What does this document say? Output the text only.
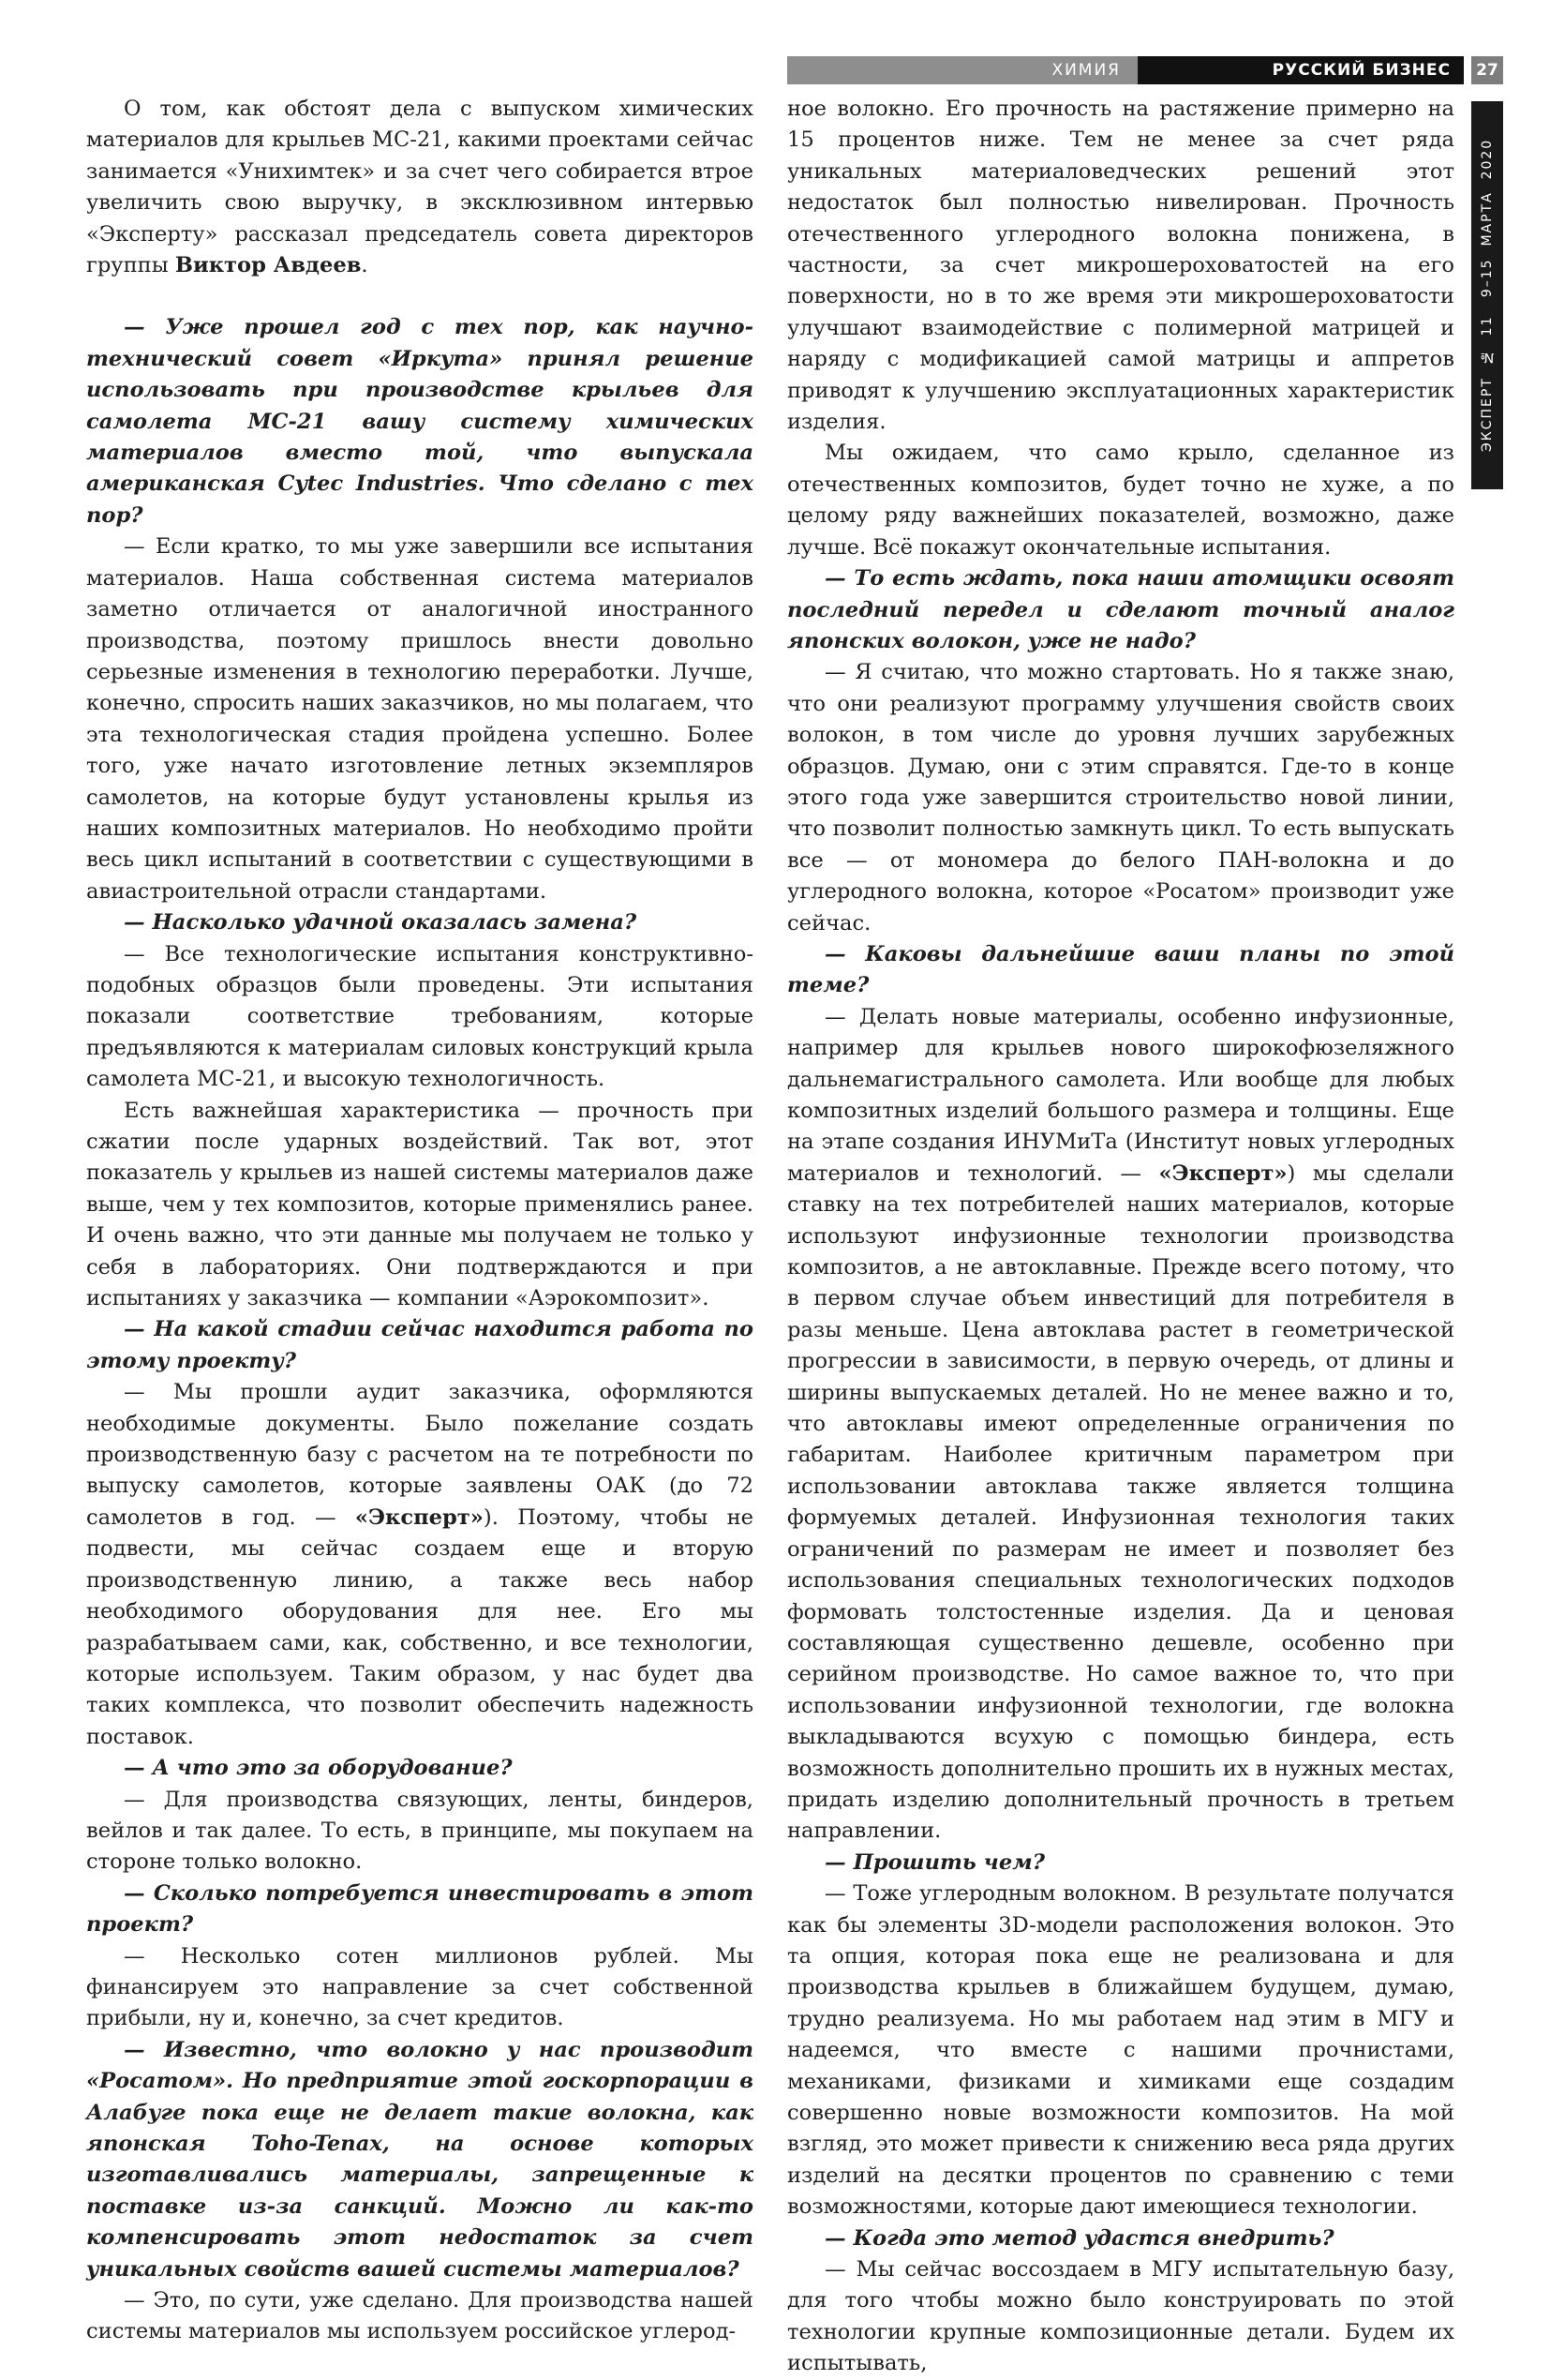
ХИМИЯ	РУССКИЙ БИЗНЕС 27
ЭКСПЕРТ  №  11   9–15  МАРТА  2020

О том, как обстоят дела с выпуском химических материалов для крыльев МС-21, какими проектами сейчас занимается «Унихимтек» и за счет чего собирается втрое увеличить свою выручку, в эксклюзивном интервью «Эксперту» рассказал председатель совета директоров группы Виктор Авдеев.

— Уже прошел год с тех пор, как научно-технический совет «Иркута» принял решение использовать при производстве крыльев для самолета МС-21 вашу систему химических материалов вместо той, что выпускала американская Cytec Industries. Что сделано с тех пор?

— Если кратко, то мы уже завершили все испытания материалов. Наша собственная система материалов заметно отличается от аналогичной иностранного производства, поэтому пришлось внести довольно серьезные изменения в технологию переработки. Лучше, конечно, спросить наших заказчиков, но мы полагаем, что эта технологическая стадия пройдена успешно. Более того, уже начато изготовление летных экземпляров самолетов, на которые будут установлены крылья из наших композитных материалов. Но необходимо пройти весь цикл испытаний в соответствии с существующими в авиастроительной отрасли стандартами.

— Насколько удачной оказалась замена?

— Все технологические испытания конструктивно-подобных образцов были проведены. Эти испытания показали соответствие требованиям, которые предъявляются к материалам силовых конструкций крыла самолета МС-21, и высокую технологичность.

Есть важнейшая характеристика — прочность при сжатии после ударных воздействий. Так вот, этот показатель у крыльев из нашей системы материалов даже выше, чем у тех композитов, которые применялись ранее. И очень важно, что эти данные мы получаем не только у себя в лабораториях. Они подтверждаются и при испытаниях у заказчика — компании «Аэрокомпозит».

— На какой стадии сейчас находится работа по этому проекту?

— Мы прошли аудит заказчика, оформляются необходимые документы. Было пожелание создать производственную базу с расчетом на те потребности по выпуску самолетов, которые заявлены ОАК (до 72 самолетов в год. — «Эксперт»). Поэтому, чтобы не подвести, мы сейчас создаем еще и вторую производственную линию, а также весь набор необходимого оборудования для нее. Его мы разрабатываем сами, как, собственно, и все технологии, которые используем. Таким образом, у нас будет два таких комплекса, что позволит обеспечить надежность поставок.

— А что это за оборудование?

— Для производства связующих, ленты, биндеров, вейлов и так далее. То есть, в принципе, мы покупаем на стороне только волокно.

— Сколько потребуется инвестировать в этот проект?

— Несколько сотен миллионов рублей. Мы финансируем это направление за счет собственной прибыли, ну и, конечно, за счет кредитов.

— Известно, что волокно у нас производит «Росатом». Но предприятие этой госкорпорации в Алабуге пока еще не делает такие волокна, как японская Toho-Tenax, на основе которых изготавливались материалы, запрещенные к поставке из-за санкций. Можно ли как-то компенсировать этот недостаток за счет уникальных свойств вашей системы материалов?

— Это, по сути, уже сделано. Для производства нашей системы материалов мы используем российское углерод-

ное волокно. Его прочность на растяжение примерно на 15 процентов ниже. Тем не менее за счет ряда уникальных материаловедческих решений этот недостаток был полностью нивелирован. Прочность отечественного углеродного волокна понижена, в частности, за счет микрошероховатостей на его поверхности, но в то же время эти микрошероховатости улучшают взаимодействие с полимерной матрицей и наряду с модификацией самой матрицы и аппретов приводят к улучшению эксплуатационных характеристик изделия.

Мы ожидаем, что само крыло, сделанное из отечественных композитов, будет точно не хуже, а по целому ряду важнейших показателей, возможно, даже лучше. Всё покажут окончательные испытания.

— То есть ждать, пока наши атомщики освоят последний передел и сделают точный аналог японских волокон, уже не надо?

— Я считаю, что можно стартовать. Но я также знаю, что они реализуют программу улучшения свойств своих волокон, в том числе до уровня лучших зарубежных образцов. Думаю, они с этим справятся. Где-то в конце этого года уже завершится строительство новой линии, что позволит полностью замкнуть цикл. То есть выпускать все — от мономера до белого ПАН-волокна и до углеродного волокна, которое «Росатом» производит уже сейчас.

— Каковы дальнейшие ваши планы по этой теме?

— Делать новые материалы, особенно инфузионные, например для крыльев нового широкофюзеляжного дальнемагистрального самолета. Или вообще для любых композитных изделий большого размера и толщины. Еще на этапе создания ИНУМиТа (Институт новых углеродных материалов и технологий. — «Эксперт») мы сделали ставку на тех потребителей наших материалов, которые используют инфузионные технологии производства композитов, а не автоклавные. Прежде всего потому, что в первом случае объем инвестиций для потребителя в разы меньше. Цена автоклава растет в геометрической прогрессии в зависимости, в первую очередь, от длины и ширины выпускаемых деталей. Но не менее важно и то, что автоклавы имеют определенные ограничения по габаритам. Наиболее критичным параметром при использовании автоклава также является толщина формуемых деталей. Инфузионная технология таких ограничений по размерам не имеет и позволяет без использования специальных технологических подходов формовать толстостенные изделия. Да и ценовая составляющая существенно дешевле, особенно при серийном производстве. Но самое важное то, что при использовании инфузионной технологии, где волокна выкладываются всухую с помощью биндера, есть возможность дополнительно прошить их в нужных местах, придать изделию дополнительный прочность в третьем направлении.

— Прошить чем?

— Тоже углеродным волокном. В результате получатся как бы элементы 3D-модели расположения волокон. Это та опция, которая пока еще не реализована и для производства крыльев в ближайшем будущем, думаю, трудно реализуема. Но мы работаем над этим в МГУ и надеемся, что вместе с нашими прочнистами, механиками, физиками и химиками еще создадим совершенно новые возможности композитов. На мой взгляд, это может привести к снижению веса ряда других изделий на десятки процентов по сравнению с теми возможностями, которые дают имеющиеся технологии.

— Когда это метод удастся внедрить?

— Мы сейчас воссоздаем в МГУ испытательную базу, для того чтобы можно было конструировать по этой технологии крупные композиционные детали. Будем их испытывать,
